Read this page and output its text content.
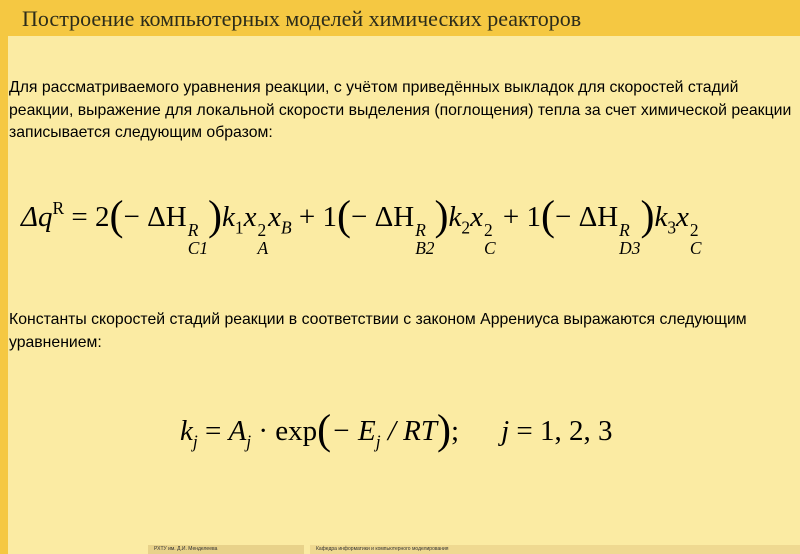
Построение компьютерных моделей химических реакторов
Для рассматриваемого уравнения реакции, с учётом приведённых выкладок для скоростей стадий реакции, выражение для локальной скорости выделения (поглощения) тепла за счет химической реакции записывается следующим образом:
$\Delta q^R = 2(- \Delta H$ R
C1
)$k_1x$ 2
A
$x_B + 1(- \Delta H$ R
B2
)$k_2x$ 2
C
+ 1(− ΔH R
D3
)$k_3x$ 2
C
Константы скоростей стадий реакции в соответствии с законом Аррениуса выражаются следующим уравнением:
$k_j = A_j \cdot \exp(- E_j / RT)$; j = 1, 2, 3
РХТУ им. Д.И. Менделеева	Кафедра информатики и компьютерного моделирования
